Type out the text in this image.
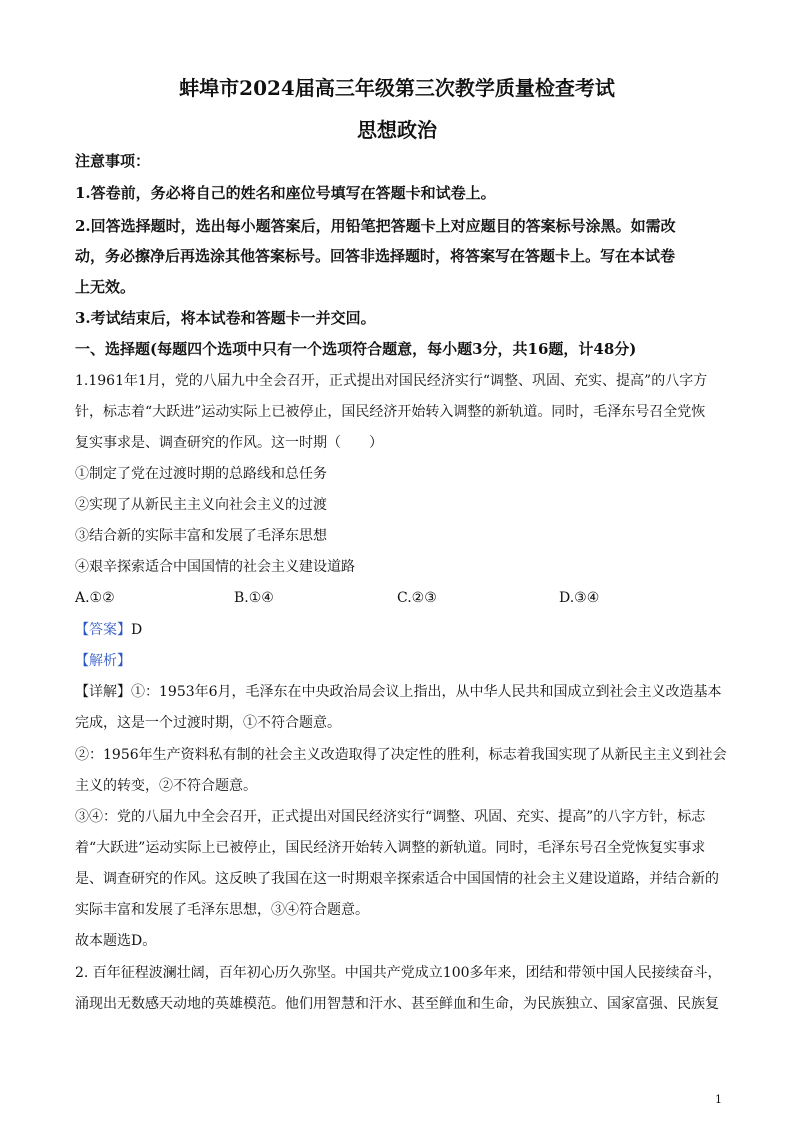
蚌埠市2024届高三年级第三次教学质量检查考试
思想政治
注意事项：
1.答卷前，务必将自己的姓名和座位号填写在答题卡和试卷上。
2.回答选择题时，选出每小题答案后，用铅笔把答题卡上对应题目的答案标号涂黑。如需改
动，务必擦净后再选涂其他答案标号。回答非选择题时，将答案写在答题卡上。写在本试卷
上无效。
3.考试结束后，将本试卷和答题卡一并交回。
一、选择题(每题四个选项中只有一个选项符合题意，每小题3分，共16题，计48分)
1.1961年1月，党的八届九中全会召开，正式提出对国民经济实行“调整、巩固、充实、提高”的八字方
针，标志着“大跃进”运动实际上已被停止，国民经济开始转入调整的新轨道。同时，毛泽东号召全党恢
复实事求是、调查研究的作风。这一时期（　　）
①制定了党在过渡时期的总路线和总任务
②实现了从新民主主义向社会主义的过渡
③结合新的实际丰富和发展了毛泽东思想
④艰辛探索适合中国国情的社会主义建设道路
A.①②	B.①④	C.②③	D.③④
【答案】D
【解析】
【详解】①：1953年6月，毛泽东在中央政治局会议上指出，从中华人民共和国成立到社会主义改造基本
完成，这是一个过渡时期，①不符合题意。
②：1956年生产资料私有制的社会主义改造取得了决定性的胜利，标志着我国实现了从新民主主义到社会
主义的转变，②不符合题意。
③④：党的八届九中全会召开，正式提出对国民经济实行“调整、巩固、充实、提高”的八字方针，标志
着“大跃进”运动实际上已被停止，国民经济开始转入调整的新轨道。同时，毛泽东号召全党恢复实事求
是、调查研究的作风。这反映了我国在这一时期艰辛探索适合中国国情的社会主义建设道路，并结合新的
实际丰富和发展了毛泽东思想，③④符合题意。
故本题选D。
2. 百年征程波澜壮阔，百年初心历久弥坚。中国共产党成立100多年来，团结和带领中国人民接续奋斗，
涌现出无数感天动地的英雄模范。他们用智慧和汗水、甚至鲜血和生命，为民族独立、国家富强、民族复
1
